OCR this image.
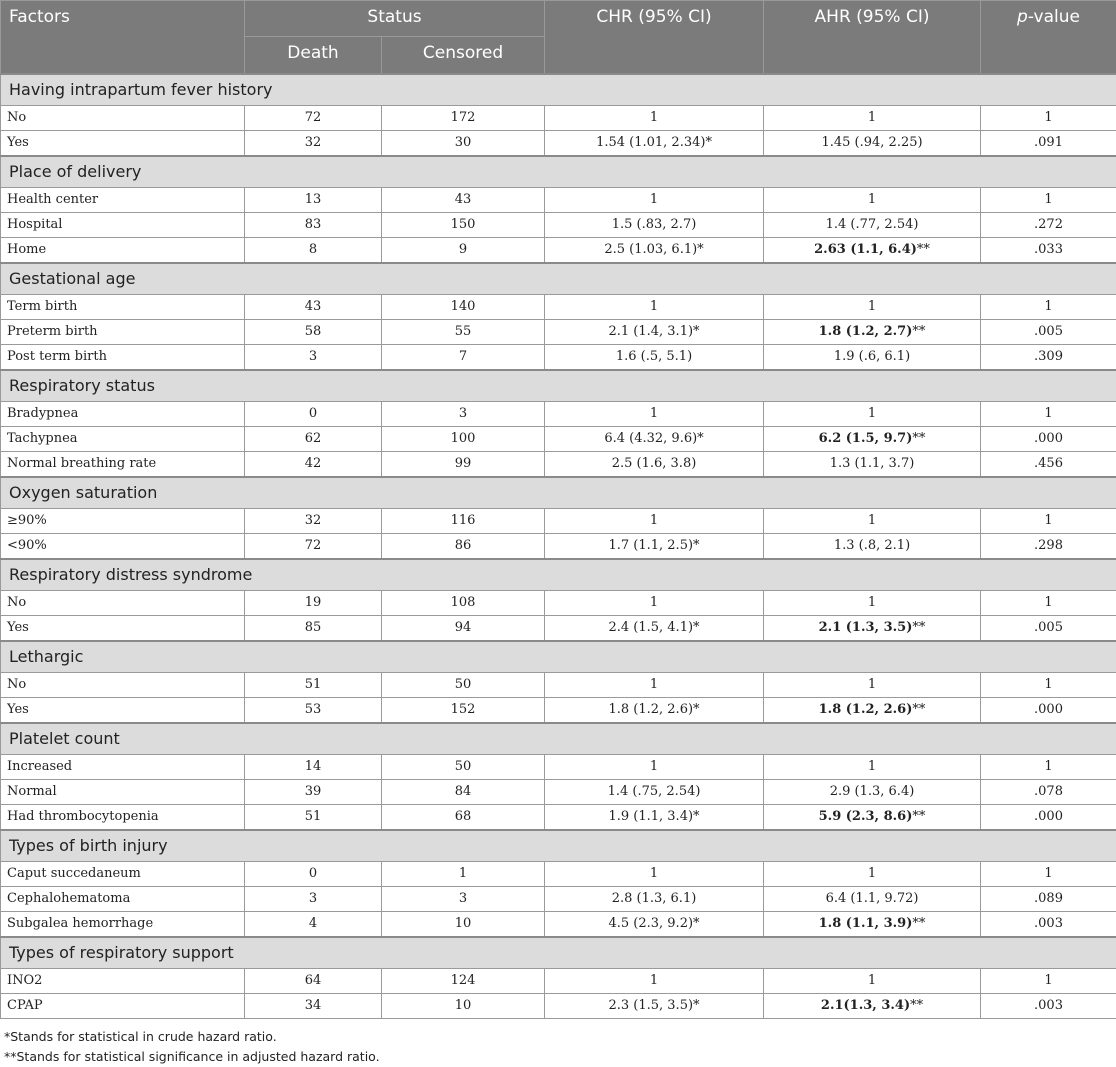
Factors	Status		CHR (95% CI)	AHR (95% CI)	p-value
	Death	Censored			
Having intrapartum fever history					
No	72	172	1	1	1
Yes	32	30	1.54 (1.01, 2.34)*	1.45 (.94, 2.25)	.091
Place of delivery					
Health center	13	43	1	1	1
Hospital	83	150	1.5 (.83, 2.7)	1.4 (.77, 2.54)	.272
Home	8	9	2.5 (1.03, 6.1)*	2.63 (1.1, 6.4)**	.033
Gestational age					
Term birth	43	140	1	1	1
Preterm birth	58	55	2.1 (1.4, 3.1)*	1.8 (1.2, 2.7)**	.005
Post term birth	3	7	1.6 (.5, 5.1)	1.9 (.6, 6.1)	.309
Respiratory status					
Bradypnea	0	3	1	1	1
Tachypnea	62	100	6.4 (4.32, 9.6)*	6.2 (1.5, 9.7)**	.000
Normal breathing rate	42	99	2.5 (1.6, 3.8)	1.3 (1.1, 3.7)	.456
Oxygen saturation					
≥90%	32	116	1	1	1
<90%	72	86	1.7 (1.1, 2.5)*	1.3 (.8, 2.1)	.298
Respiratory distress syndrome					
No	19	108	1	1	1
Yes	85	94	2.4 (1.5, 4.1)*	2.1 (1.3, 3.5)**	.005
Lethargic					
No	51	50	1	1	1
Yes	53	152	1.8 (1.2, 2.6)*	1.8 (1.2, 2.6)**	.000
Platelet count					
Increased	14	50	1	1	1
Normal	39	84	1.4 (.75, 2.54)	2.9 (1.3, 6.4)	.078
Had thrombocytopenia	51	68	1.9 (1.1, 3.4)*	5.9 (2.3, 8.6)**	.000
Types of birth injury					
Caput succedaneum	0	1	1	1	1
Cephalohematoma	3	3	2.8 (1.3, 6.1)	6.4 (1.1, 9.72)	.089
Subgalea hemorrhage	4	10	4.5 (2.3, 9.2)*	1.8 (1.1, 3.9)**	.003
Types of respiratory support					
INO2	64	124	1	1	1
CPAP	34	10	2.3 (1.5, 3.5)*	2.1(1.3, 3.4)**	.003
*Stands for statistical in crude hazard ratio.
**Stands for statistical significance in adjusted hazard ratio.
